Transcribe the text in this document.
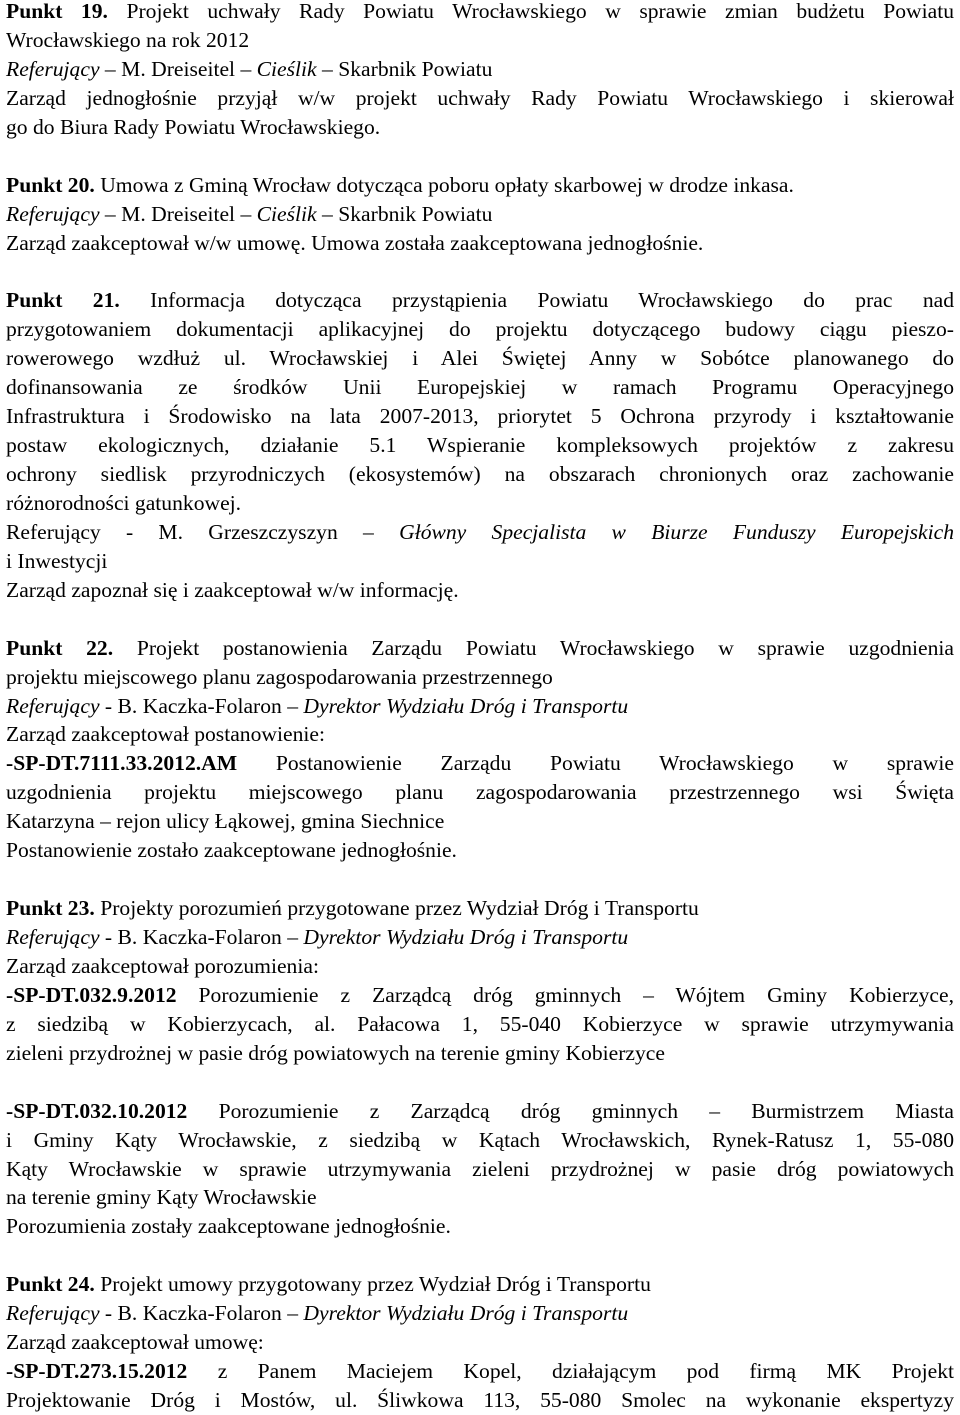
Punkt 19. Projekt uchwały Rady Powiatu Wrocławskiego w sprawie zmian budżetu Powiatu
Wrocławskiego na rok 2012
Referujący – M. Dreiseitel – Cieślik – Skarbnik Powiatu
Zarząd jednogłośnie przyjął w/w projekt uchwały Rady Powiatu Wrocławskiego i skierował
go do Biura Rady Powiatu Wrocławskiego.
Punkt 20. Umowa z Gminą Wrocław dotycząca poboru opłaty skarbowej w drodze inkasa.
Referujący – M. Dreiseitel – Cieślik – Skarbnik Powiatu
Zarząd zaakceptował w/w umowę. Umowa została zaakceptowana jednogłośnie.
Punkt 21. Informacja dotycząca przystąpienia Powiatu Wrocławskiego do prac nad
przygotowaniem dokumentacji aplikacyjnej do projektu dotyczącego budowy ciągu pieszo-
rowerowego wzdłuż ul. Wrocławskiej i Alei Świętej Anny w Sobótce planowanego do
dofinansowania ze środków Unii Europejskiej w ramach Programu Operacyjnego
Infrastruktura i Środowisko na lata 2007-2013, priorytet 5 Ochrona przyrody i kształtowanie
postaw ekologicznych, działanie 5.1 Wspieranie kompleksowych projektów z zakresu
ochrony siedlisk przyrodniczych (ekosystemów) na obszarach chronionych oraz zachowanie
różnorodności gatunkowej.
Referujący - M. Grzeszczyszyn – Główny Specjalista w Biurze Funduszy Europejskich
i Inwestycji
Zarząd zapoznał się i zaakceptował w/w informację.
Punkt 22. Projekt postanowienia Zarządu Powiatu Wrocławskiego w sprawie uzgodnienia
projektu miejscowego planu zagospodarowania przestrzennego
Referujący - B. Kaczka-Folaron – Dyrektor Wydziału Dróg i Transportu
Zarząd zaakceptował postanowienie:
-SP-DT.7111.33.2012.AM Postanowienie Zarządu Powiatu Wrocławskiego w sprawie
uzgodnienia projektu miejscowego planu zagospodarowania przestrzennego wsi Święta
Katarzyna – rejon ulicy Łąkowej, gmina Siechnice
Postanowienie zostało zaakceptowane jednogłośnie.
Punkt 23. Projekty porozumień przygotowane przez Wydział Dróg i Transportu
Referujący - B. Kaczka-Folaron – Dyrektor Wydziału Dróg i Transportu
Zarząd zaakceptował porozumienia:
-SP-DT.032.9.2012 Porozumienie z Zarządcą dróg gminnych – Wójtem Gminy Kobierzyce,
z siedzibą w Kobierzycach, al. Pałacowa 1, 55-040 Kobierzyce w sprawie utrzymywania
zieleni przydrożnej w pasie dróg powiatowych na terenie gminy Kobierzyce
-SP-DT.032.10.2012 Porozumienie z Zarządcą dróg gminnych – Burmistrzem Miasta
i Gminy Kąty Wrocławskie, z siedzibą w Kątach Wrocławskich, Rynek-Ratusz 1, 55-080
Kąty Wrocławskie w sprawie utrzymywania zieleni przydrożnej w pasie dróg powiatowych
na terenie gminy Kąty Wrocławskie
Porozumienia zostały zaakceptowane jednogłośnie.
Punkt 24. Projekt umowy przygotowany przez Wydział Dróg i Transportu
Referujący - B. Kaczka-Folaron – Dyrektor Wydziału Dróg i Transportu
Zarząd zaakceptował umowę:
-SP-DT.273.15.2012 z Panem Maciejem Kopel, działającym pod firmą MK Projekt
Projektowanie Dróg i Mostów, ul. Śliwkowa 113, 55-080 Smolec na wykonanie ekspertyzy
